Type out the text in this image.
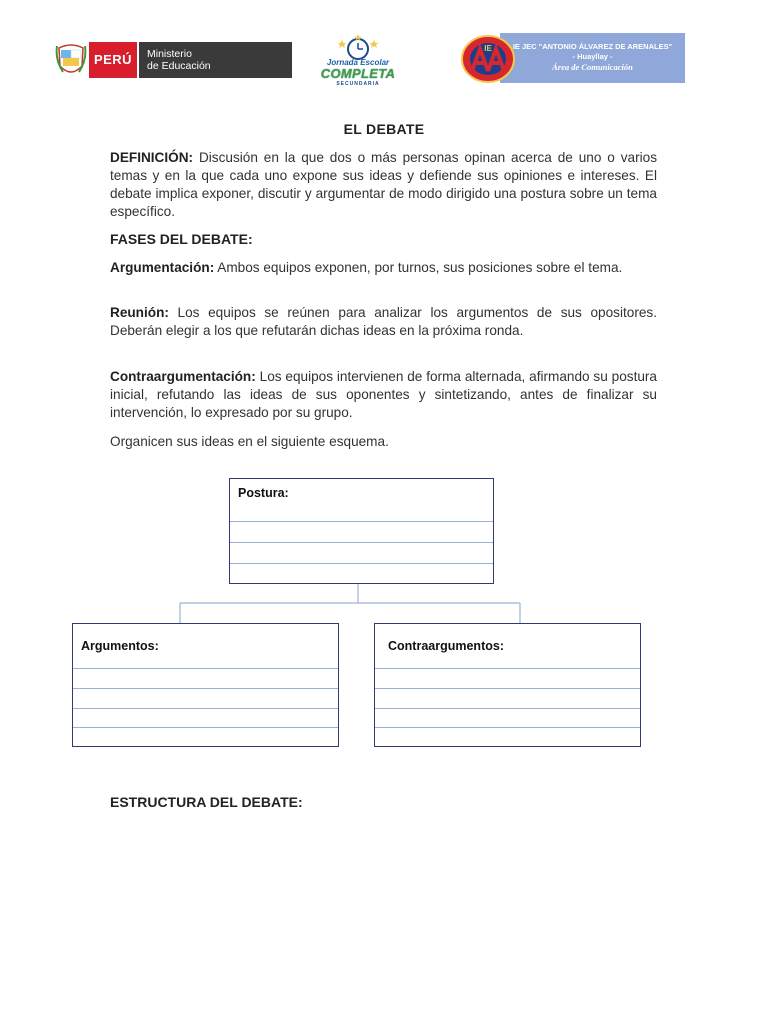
PERÚ	Ministerio
de Educación	Jornada Escolar
COMPLETA
SECUNDARIA
IE JEC "ANTONIO ÁLVAREZ DE ARENALES"
- Huayllay -
Área de Comunicación
IE
EL DEBATE
DEFINICIÓN: Discusión en la que dos o más personas opinan acerca de uno o varios temas y en la que cada uno expone sus ideas y defiende sus opiniones e intereses. El debate implica exponer, discutir y argumentar de modo dirigido una postura sobre un tema específico.
FASES DEL DEBATE:
Argumentación: Ambos equipos exponen, por turnos, sus posiciones sobre el tema.
Reunión: Los equipos se reúnen para analizar los argumentos de sus opositores. Deberán elegir a los que refutarán dichas ideas en la próxima ronda.
Contraargumentación: Los equipos intervienen de forma alternada, afirmando su postura inicial, refutando las ideas de sus oponentes y sintetizando, antes de finalizar su intervención, lo expresado por su grupo.
Organicen sus ideas en el siguiente esquema.
Postura:
Argumentos:	Contraargumentos:
ESTRUCTURA DEL DEBATE:
